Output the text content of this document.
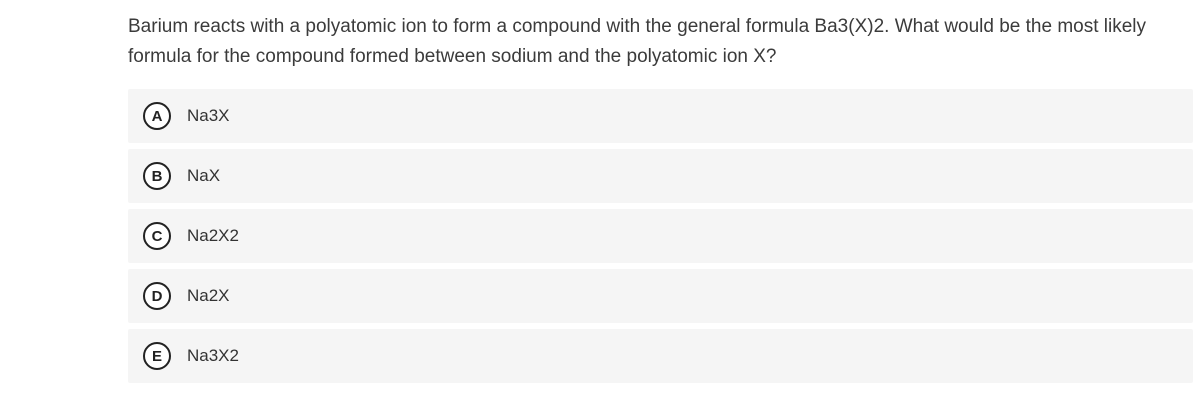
Barium reacts with a polyatomic ion to form a compound with the general formula Ba3(X)2. What would be the most likely formula for the compound formed between sodium and the polyatomic ion X?

A	Na3X
B	NaX
C	Na2X2
D	Na2X
E	Na3X2
